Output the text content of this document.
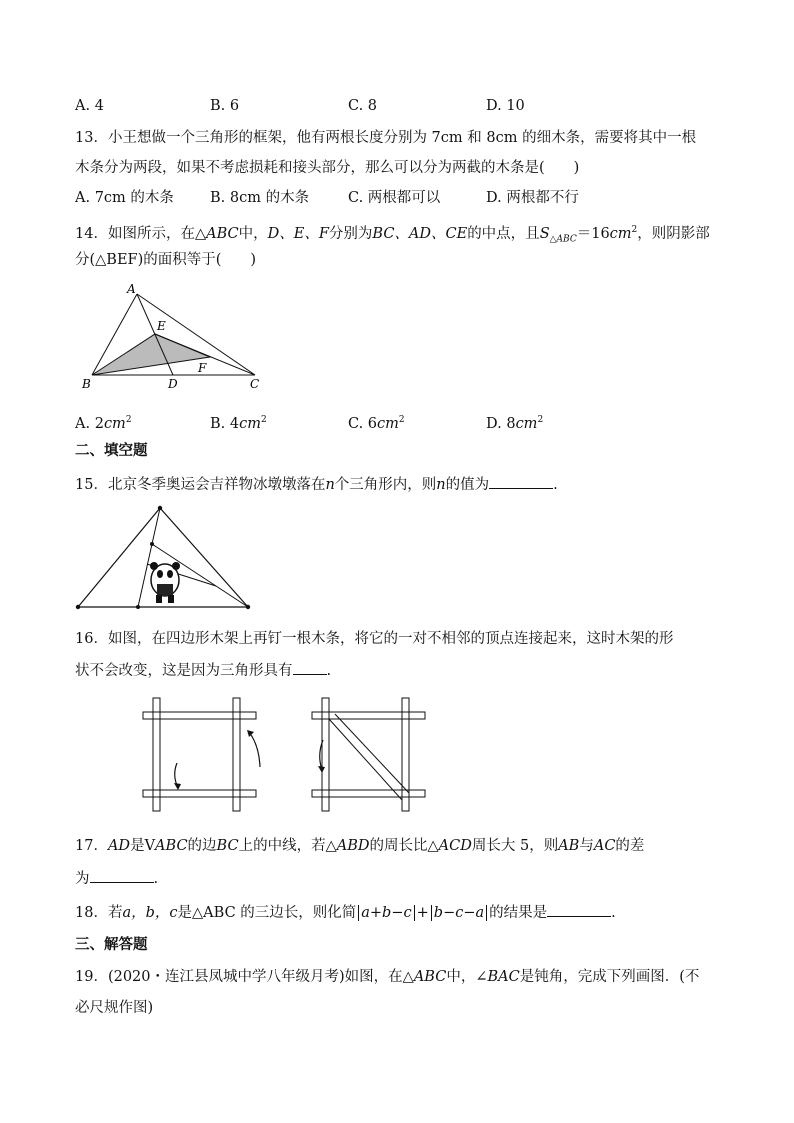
A. 4	B. 6	C. 8	D. 10
13．小王想做一个三角形的框架，他有两根长度分别为 7cm 和 8cm 的细木条，需要将其中一根
木条分为两段，如果不考虑损耗和接头部分，那么可以分为两截的木条是(　　)
A. 7cm 的木条 B. 8cm 的木条	C. 两根都可以	D. 两根都不行
14．如图所示，在△ABC中，D、E、F分别为BC、AD、CE的中点，且$S_{\triangle ABC}=16cm^2$，则阴影部
分(△BEF)的面积等于(　　)
A
B	C
D
E
F
A. $2cm^2$	B. $4cm^2$	C. $6cm^2$	D. $8cm^2$
二、填空题
15．北京冬季奥运会吉祥物冰墩墩落在n个三角形内，则n的值为	.
16．如图，在四边形木架上再钉一根木条，将它的一对不相邻的顶点连接起来，这时木架的形
状不会改变，这是因为三角形具有 .
17．AD是VABC的边BC上的中线，若△ABD的周长比△ACD周长大 5，则AB与AC的差
为	.
18．若a，b，c是△ABC 的三边长，则化简 a+b−c + b−c−a 的结果是	.
三、解答题
19．(2020・连江县凤城中学八年级月考)如图，在△ABC中，∠BAC是钝角，完成下列画图．(不
必尺规作图)
